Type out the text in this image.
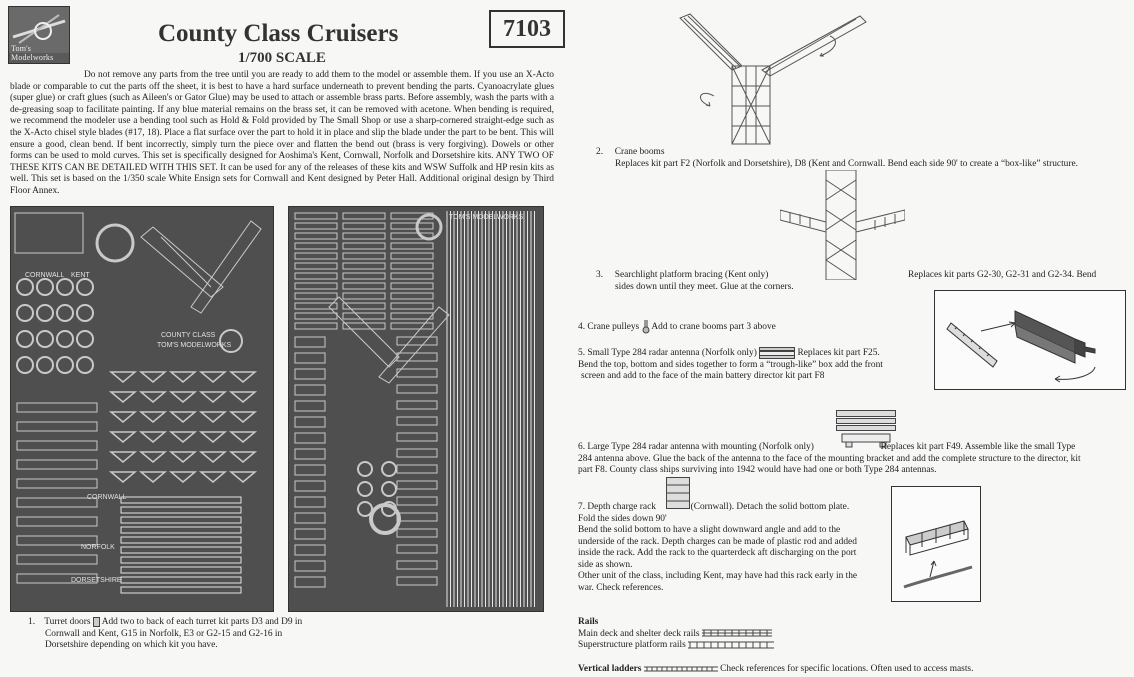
Tom's Modelworks
County Class Cruisers
1/700 SCALE
7103
Do not remove any parts from the tree until you are ready to add them to the model or assemble them. If you use an X-Acto blade or comparable to cut the parts off the sheet, it is best to have a hard surface underneath to prevent bending the parts. Cyanoacrylate glues (super glue) or craft glues (such as Aileen's or Gator Glue) may be used to attach or assemble brass parts. Before assembly, wash the parts with a de-greasing soap to facilitate painting. If any blue material remains on the brass set, it can be removed with acetone. When bending is required, we recommend the modeler use a bending tool such as Hold & Fold provided by The Small Shop or use a sharp-cornered straight-edge such as the X-Acto chisel style blades (#17, 18). Place a flat surface over the part to hold it in place and slip the blade under the part to be bent. This will ensure a good, clean bend. If bent incorrectly, simply turn the piece over and flatten the bend out (brass is very forgiving). Dowels or other forms can be used to mold curves. This set is specifically designed for Aoshima's Kent, Cornwall, Norfolk and Dorsetshire kits. ANY TWO OF THESE KITS CAN BE DETAILED WITH THIS SET. It can be used for any of the releases of these kits and WSW Suffolk and HP resin kits as well. This set is based on the 1/350 scale White Ensign sets for Cornwall and Kent designed by Peter Hall. Additional original design by Third Floor Annex.
CORNWALL KENT
COUNTY CLASS
TOM'S MODELWORKS
CORNWALL
NORFOLK
DORSETSHIRE
TOM'S MODELWORKS
1. Turret doors Add two to back of each turret kit parts D3 and D9 in
Cornwall and Kent, G15 in Norfolk, E3 or G2-15 and G2-16 in
Dorsetshire depending on which kit you have.
2. Crane booms
Replaces kit part F2 (Norfolk and Dorsetshire), D8 (Kent and Cornwall. Bend each side 90' to create a “box-like” structure.
3. Searchlight platform bracing (Kent only)
sides down until they meet. Glue at the corners.
Replaces kit parts G2-30, G2-31 and G2-34. Bend
4. Crane pulleys Add to crane booms part 3 above
5. Small Type 284 radar antenna (Norfolk only)	Replaces kit part F25.
Bend the top, bottom and sides together to form a “trough-like” box add the front
screen and add to the face of the main battery director kit part F8
6. Large Type 284 radar antenna with mounting (Norfolk only)	Replaces kit part F49. Assemble like the small Type
284 antenna above. Glue the back of the antenna to the face of the mounting bracket and add the complete structure to the director, kit
part F8. County class ships surviving into 1942 would have had one or both Type 284 antennas.
7. Depth charge rack	(Cornwall). Detach the solid bottom plate.
Fold the sides down 90'
Bend the solid bottom to have a slight downward angle and add to the
underside of the rack. Depth charges can be made of plastic rod and added
inside the rack. Add the rack to the quarterdeck aft discharging on the port
side as shown.
Other unit of the class, including Kent, may have had this rack early in the
war. Check references.
Rails
Main deck and shelter deck rails
Superstructure platform rails
Vertical ladders	Check references for specific locations. Often used to access masts.
